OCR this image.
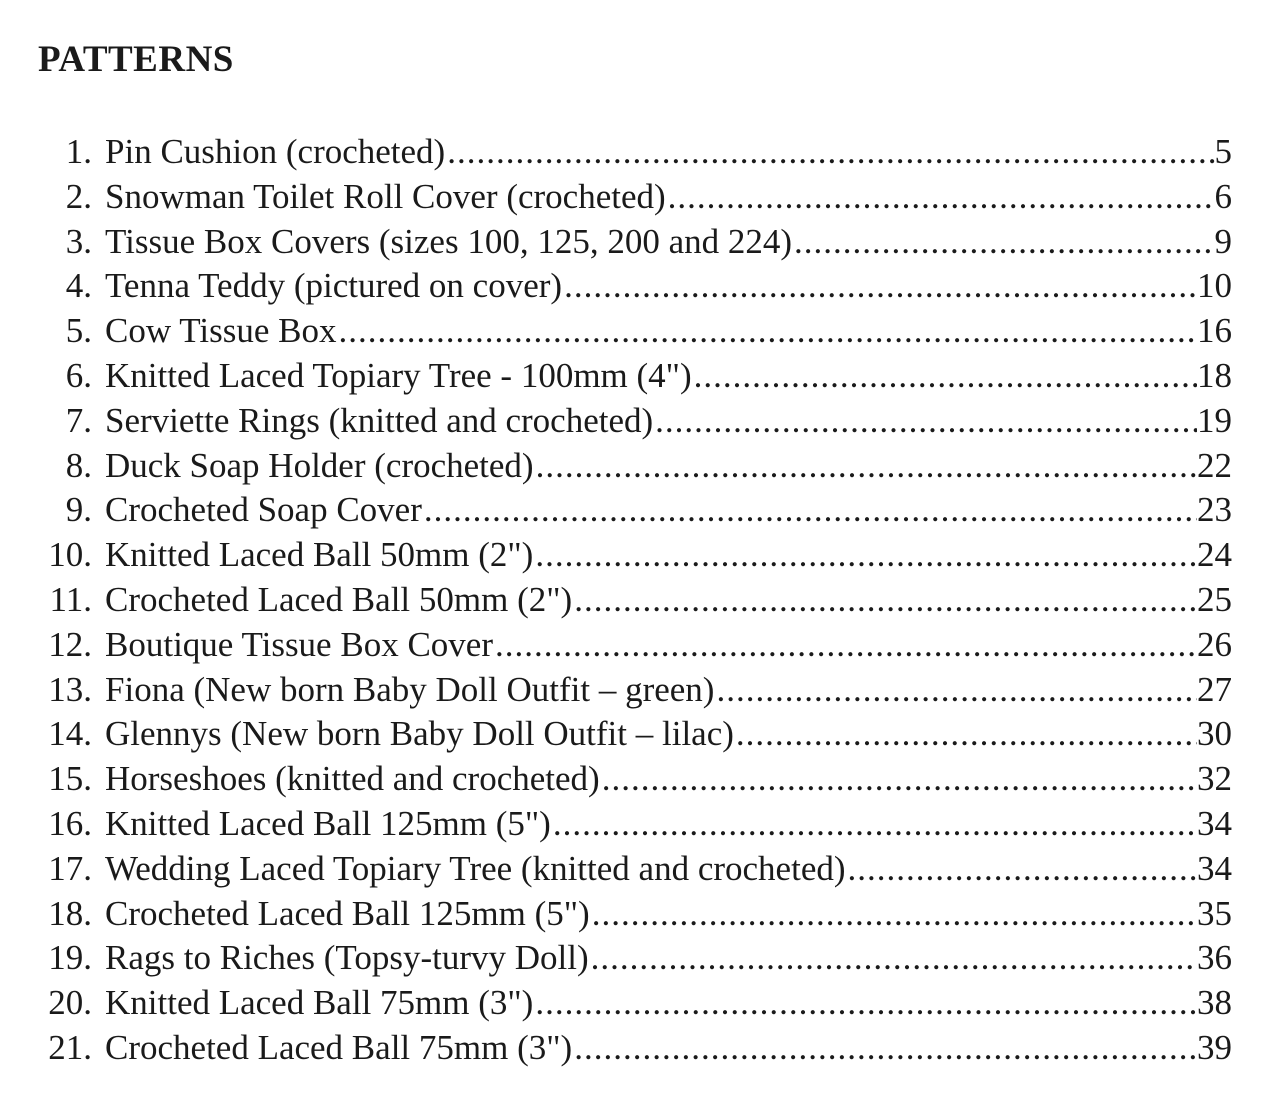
PATTERNS
1. Pin Cushion (crocheted) .....	5
2. Snowman Toilet Roll Cover (crocheted) .....	6
3. Tissue Box Covers (sizes 100, 125, 200 and 224) .....	9
4. Tenna Teddy (pictured on cover) .....	10
5. Cow Tissue Box .....	16
6. Knitted Laced Topiary Tree - 100mm (4") .....	18
7. Serviette Rings (knitted and crocheted) .....	19
8. Duck Soap Holder (crocheted) .....	22
9. Crocheted Soap Cover .....	23
10. Knitted Laced Ball 50mm (2") .....	24
11. Crocheted Laced Ball 50mm (2") .....	25
12. Boutique Tissue Box Cover .....	26
13. Fiona (New born Baby Doll Outfit – green) .....	27
14. Glennys (New born Baby Doll Outfit – lilac) .....	30
15. Horseshoes (knitted and crocheted) .....	32
16. Knitted Laced Ball 125mm (5") .....	34
17. Wedding Laced Topiary Tree (knitted and crocheted) .....	34
18. Crocheted Laced Ball 125mm (5") .....	35
19. Rags to Riches (Topsy-turvy Doll) .....	36
20. Knitted Laced Ball 75mm (3") .....	38
21. Crocheted Laced Ball 75mm (3") .....	39
